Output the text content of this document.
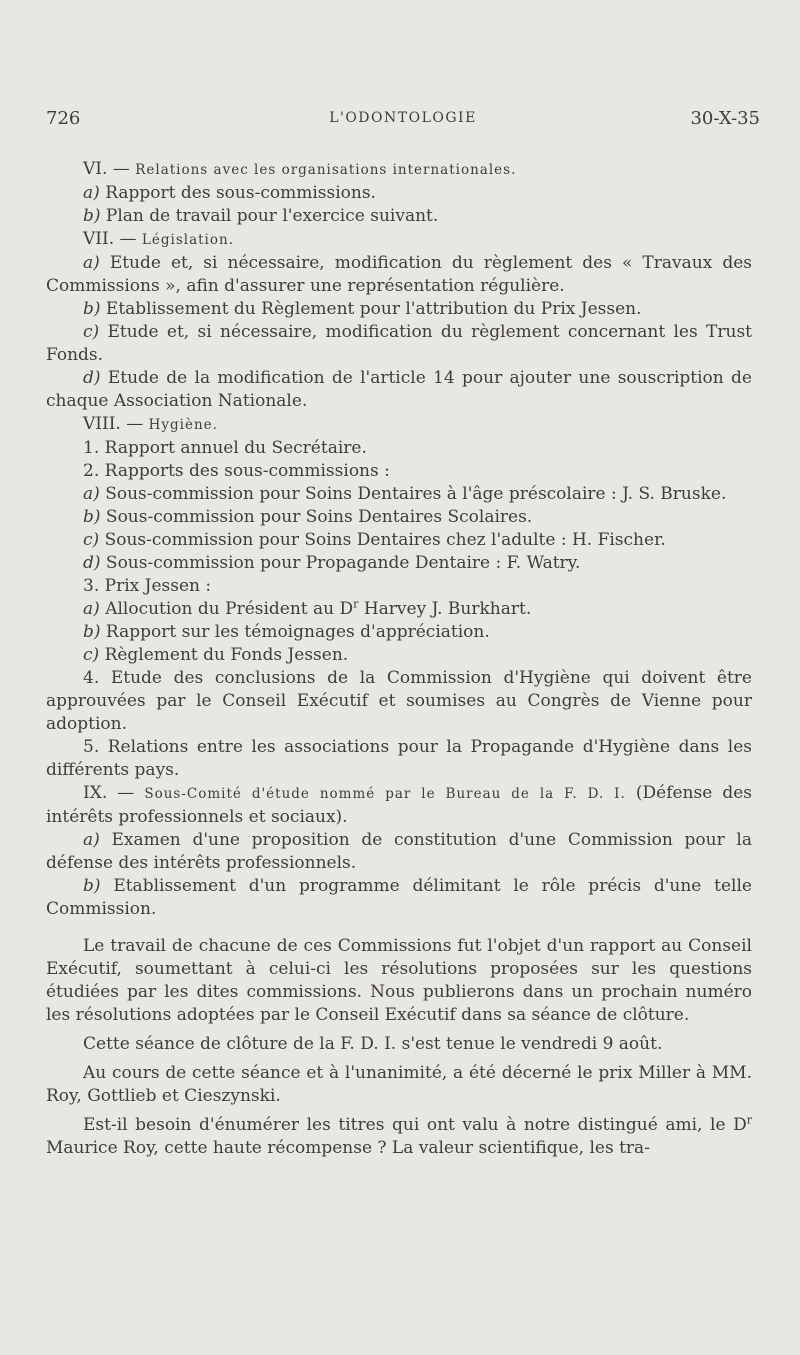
726	L'ODONTOLOGIE	30-X-35

VI. — Relations avec les organisations internationales.

a) Rapport des sous-commissions.

b) Plan de travail pour l'exercice suivant.

VII. — Législation.

a) Etude et, si nécessaire, modification du règlement des « Travaux des Commissions », afin d'assurer une représentation régulière.

b) Etablissement du Règlement pour l'attribution du Prix Jessen.

c) Etude et, si nécessaire, modification du règlement concernant les Trust Fonds.

d) Etude de la modification de l'article 14 pour ajouter une souscription de chaque Association Nationale.

VIII. — Hygiène.

1. Rapport annuel du Secrétaire.

2. Rapports des sous-commissions :

a) Sous-commission pour Soins Dentaires à l'âge préscolaire : J. S. Bruske.

b) Sous-commission pour Soins Dentaires Scolaires.

c) Sous-commission pour Soins Dentaires chez l'adulte : H. Fischer.

d) Sous-commission pour Propagande Dentaire : F. Watry.

3. Prix Jessen :

a) Allocution du Président au $D^r$ Harvey J. Burkhart.

b) Rapport sur les témoignages d'appréciation.

c) Règlement du Fonds Jessen.

4. Etude des conclusions de la Commission d'Hygiène qui doivent être approuvées par le Conseil Exécutif et soumises au Congrès de Vienne pour adoption.

5. Relations entre les associations pour la Propagande d'Hygiène dans les différents pays.

IX. — Sous-Comité d'étude nommé par le Bureau de la F. D. I. (Défense des intérêts professionnels et sociaux).

a) Examen d'une proposition de constitution d'une Commission pour la défense des intérêts professionnels.

b) Etablissement d'un programme délimitant le rôle précis d'une telle Commission.

Le travail de chacune de ces Commissions fut l'objet d'un rapport au Conseil Exécutif, soumettant à celui-ci les résolutions proposées sur les questions étudiées par les dites commissions. Nous publierons dans un prochain numéro les résolutions adoptées par le Conseil Exécutif dans sa séance de clôture.

Cette séance de clôture de la F. D. I. s'est tenue le vendredi 9 août.

Au cours de cette séance et à l'unanimité, a été décerné le prix Miller à MM. Roy, Gottlieb et Cieszynski.

Est-il besoin d'énumérer les titres qui ont valu à notre distingué ami, le $D^r$ Maurice Roy, cette haute récompense ? La valeur scientifique, les tra-
